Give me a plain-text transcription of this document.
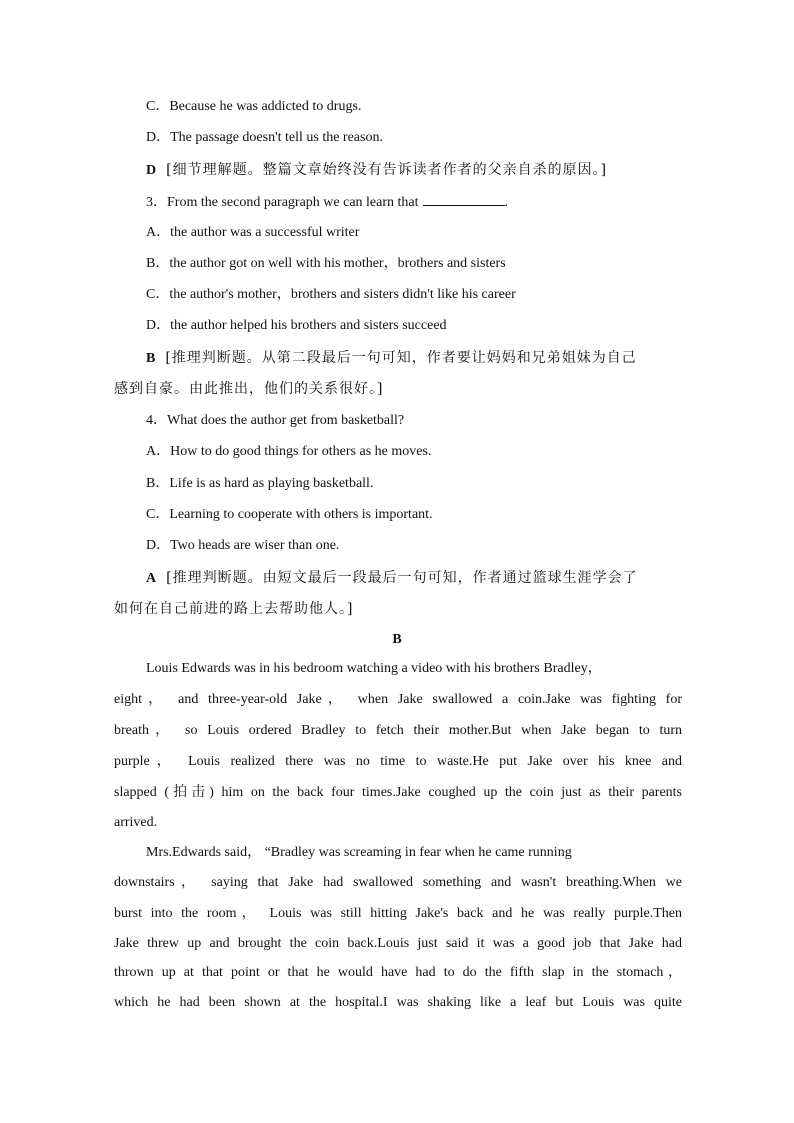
C．Because he was addicted to drugs.
D．The passage doesn't tell us the reason.
D [细节理解题。整篇文章始终没有告诉读者作者的父亲自杀的原因。]
3．From the second paragraph we can learn that	.
A．the author was a successful writer
B．the author got on well with his mother，brothers and sisters
C．the author's mother，brothers and sisters didn't like his career
D．the author helped his brothers and sisters succeed
B [推理判断题。从第二段最后一句可知，作者要让妈妈和兄弟姐妹为自己
感到自豪。由此推出，他们的关系很好。]
4．What does the author get from basketball?
A．How to do good things for others as he moves.
B．Life is as hard as playing basketball.
C．Learning to cooperate with others is important.
D．Two heads are wiser than one.
A [推理判断题。由短文最后一段最后一句可知，作者通过篮球生涯学会了
如何在自己前进的路上去帮助他人。]
B
Louis Edwards was in his bedroom watching a video with his brothers Bradley，
eight， and three-year-old Jake， when Jake swallowed a coin.Jake was fighting for
breath， so Louis ordered Bradley to fetch their mother.But when Jake began to turn
purple， Louis realized there was no time to waste.He put Jake over his knee and
slapped (拍击) him on the back four times.Jake coughed up the coin just as their parents
arrived.
Mrs.Edwards said， “Bradley was screaming in fear when he came running
downstairs， saying that Jake had swallowed something and wasn't breathing.When we
burst into the room， Louis was still hitting Jake's back and he was really purple.Then
Jake threw up and brought the coin back.Louis just said it was a good job that Jake had
thrown up at that point or that he would have had to do the fifth slap in the stomach，
which he had been shown at the hospital.I was shaking like a leaf but Louis was quite
